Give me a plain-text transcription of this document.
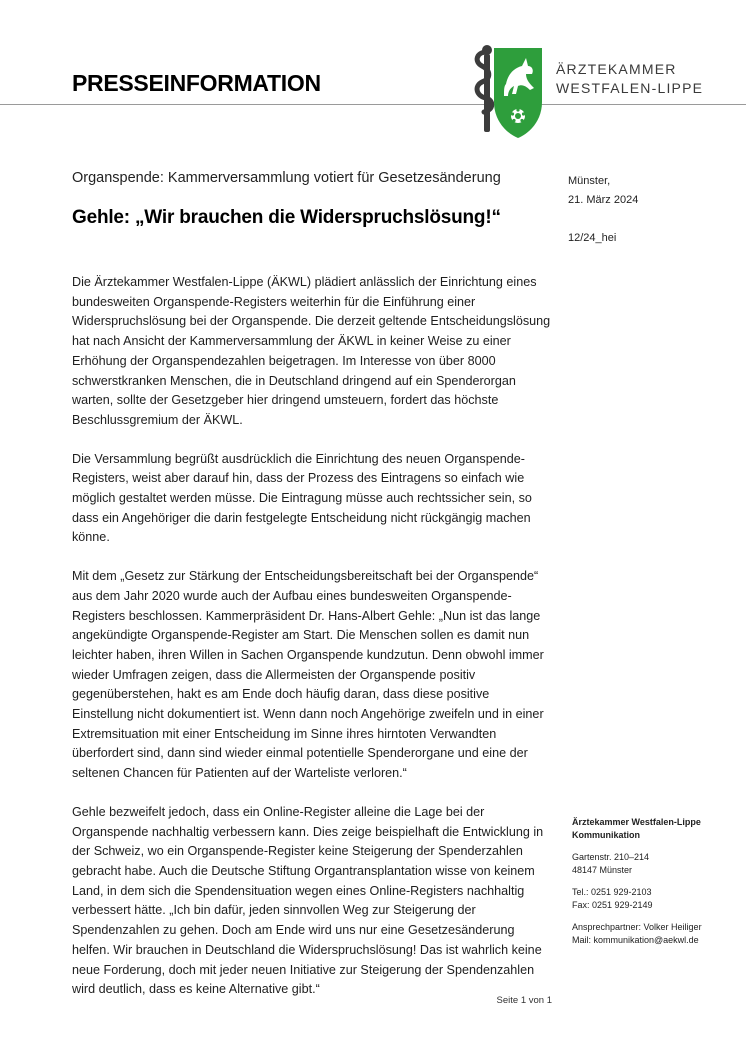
PRESSEINFORMATION
ÄRZTEKAMMER
WESTFALEN-LIPPE
Organspende: Kammerversammlung votiert für Gesetzesänderung
Gehle: „Wir brauchen die Widerspruchslösung!“
Münster,
21. März 2024
12/24_hei

Die Ärztekammer Westfalen-Lippe (ÄKWL) plädiert anlässlich der Einrichtung eines bundesweiten Organspende-Registers weiterhin für die Einführung einer Widerspruchslösung bei der Organspende. Die derzeit geltende Entscheidungslösung hat nach Ansicht der Kammerversammlung der ÄKWL in keiner Weise zu einer Erhöhung der Organspendezahlen beigetragen. Im Interesse von über 8000 schwerstkranken Menschen, die in Deutschland dringend auf ein Spenderorgan warten, sollte der Gesetzgeber hier dringend umsteuern, fordert das höchste Beschlussgremium der ÄKWL.

Die Versammlung begrüßt ausdrücklich die Einrichtung des neuen Organspende-Registers, weist aber darauf hin, dass der Prozess des Eintragens so einfach wie möglich gestaltet werden müsse. Die Eintragung müsse auch rechtssicher sein, so dass ein Angehöriger die darin festgelegte Entscheidung nicht rückgängig machen könne.

Mit dem „Gesetz zur Stärkung der Entscheidungsbereitschaft bei der Organspende“ aus dem Jahr 2020 wurde auch der Aufbau eines bundesweiten Organspende-Registers beschlossen. Kammerpräsident Dr. Hans-Albert Gehle: „Nun ist das lange angekündigte Organspende-Register am Start. Die Menschen sollen es damit nun leichter haben, ihren Willen in Sachen Organspende kundzutun. Denn obwohl immer wieder Umfragen zeigen, dass die Allermeisten der Organspende positiv gegenüberstehen, hakt es am Ende doch häufig daran, dass diese positive Einstellung nicht dokumentiert ist. Wenn dann noch Angehörige zweifeln und in einer Extremsituation mit einer Entscheidung im Sinne ihres hirntoten Verwandten überfordert sind, dann sind wieder einmal potentielle Spenderorgane und eine der seltenen Chancen für Patienten auf der Warteliste verloren.“

Gehle bezweifelt jedoch, dass ein Online-Register alleine die Lage bei der Organspende nachhaltig verbessern kann. Dies zeige beispielhaft die Entwicklung in der Schweiz, wo ein Organspende-Register keine Steigerung der Spenderzahlen gebracht habe. Auch die Deutsche Stiftung Organtransplantation wisse von keinem Land, in dem sich die Spendensituation wegen eines Online-Registers nachhaltig verbessert hätte. „Ich bin dafür, jeden sinnvollen Weg zur Steigerung der Spendenzahlen zu gehen. Doch am Ende wird uns nur eine Gesetzesänderung helfen. Wir brauchen in Deutschland die Widerspruchslösung! Das ist wahrlich keine neue Forderung, doch mit jeder neuen Initiative zur Steigerung der Spendenzahlen wird deutlich, dass es keine Alternative gibt.“

Ärztekammer Westfalen-Lippe
Kommunikation
Gartenstr. 210–214
48147 Münster
Tel.: 0251 929-2103
Fax: 0251 929-2149
Ansprechpartner: Volker Heiliger
Mail: kommunikation@aekwl.de
Seite 1 von 1
